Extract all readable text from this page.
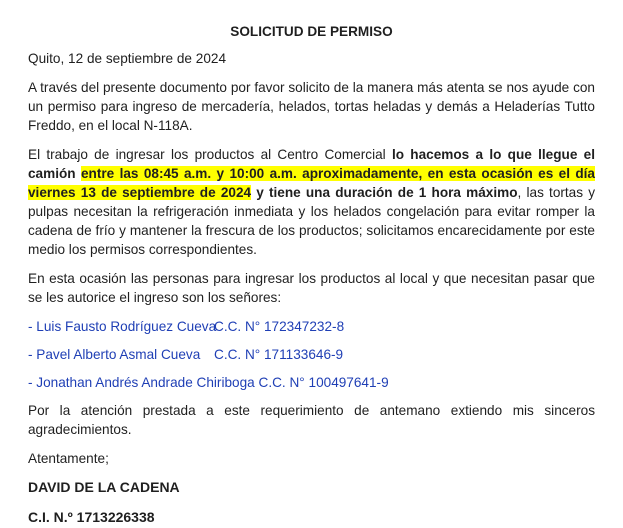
SOLICITUD DE PERMISO

Quito, 12 de septiembre de 2024

A través del presente documento por favor solicito de la manera más atenta se nos ayude con un permiso para ingreso de mercadería, helados, tortas heladas y demás a Heladerías Tutto Freddo, en el local N-118A.

El trabajo de ingresar los productos al Centro Comercial lo hacemos a lo que llegue el camión entre las 08:45 a.m. y 10:00 a.m. aproximadamente, en esta ocasión es el día viernes 13 de septiembre de 2024 y tiene una duración de 1 hora máximo, las tortas y pulpas necesitan la refrigeración inmediata y los helados congelación para evitar romper la cadena de frío y mantener la frescura de los productos; solicitamos encarecidamente por este medio los permisos correspondientes.

En esta ocasión las personas para ingresar los productos al local y que necesitan pasar que se les autorice el ingreso son los señores:

- Luis Fausto Rodríguez CuevaC.C. N° 172347232-8
- Pavel Alberto Asmal Cueva C.C. N° 171133646-9
- Jonathan Andrés Andrade Chiriboga C.C. N° 100497641-9

Por la atención prestada a este requerimiento de antemano extiendo mis sinceros agradecimientos.

Atentamente;

DAVID DE LA CADENA
C.I. N.º 1713226338
